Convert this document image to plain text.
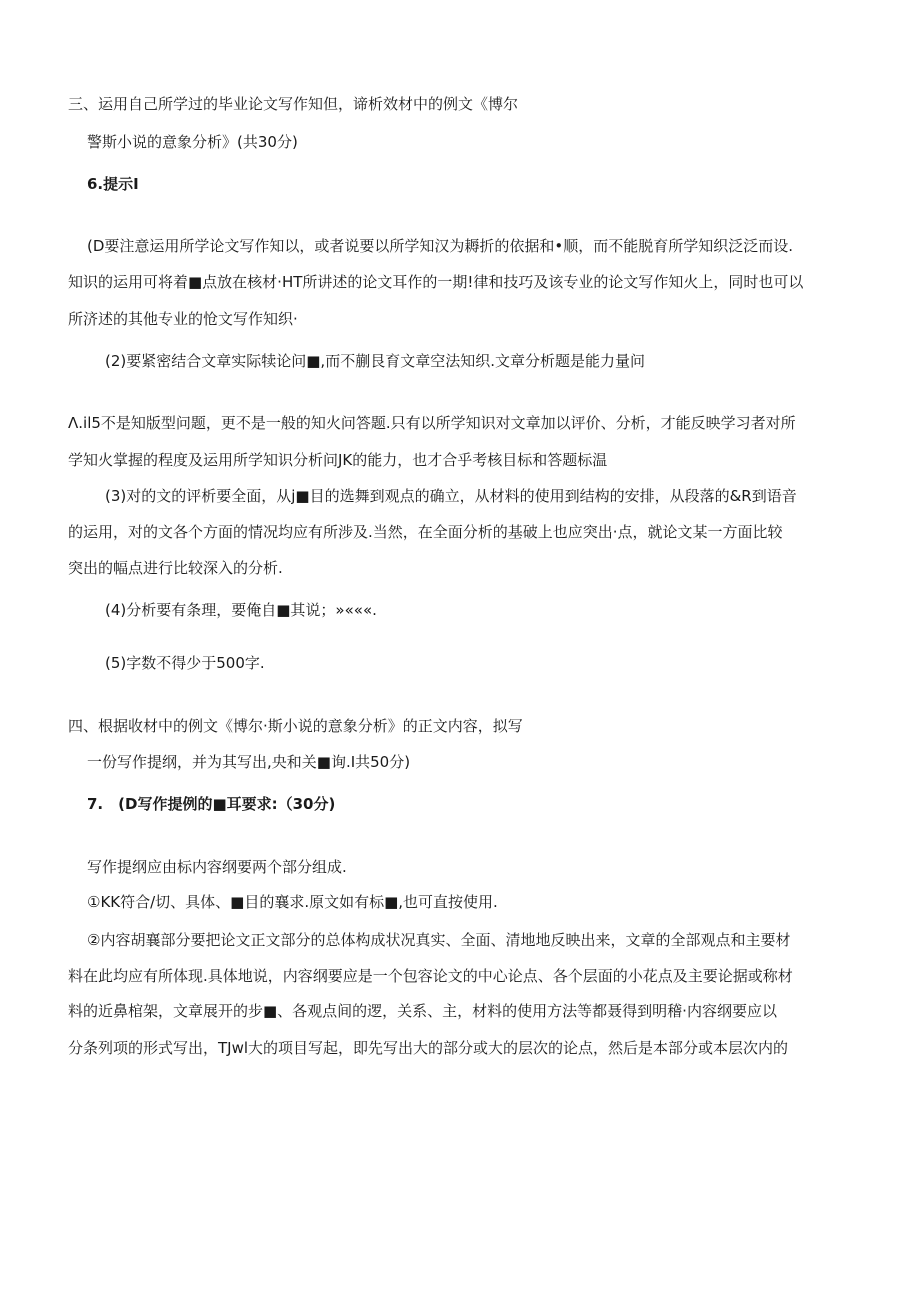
三、运用自己所学过的毕业论文写作知但，谛析效材中的例文《博尔
警斯小说的意象分析》(共30分)
6.提示I
(D要注意运用所学论文写作知以，或者说要以所学知汉为耨折的依据和•顺，而不能脱育所学知织泛泛而设.
知识的运用可将着■点放在核材·HT所讲述的论文耳作的一期!律和技巧及该专业的论文写作知火上，同时也可以
所济述的其他专业的怆文写作知织·
(2)要紧密结合文章实际犊论问■,而不蒯艮育文章空法知织.文章分析题是能力量问
Λ.il5不是知版型问题，更不是一般的知火问答题.只有以所学知识对文章加以评价、分析，才能反映学习者对所
学知火掌握的程度及运用所学知识分析问JK的能力，也才合乎考核目标和答题标温
(3)对的文的评析要全面，从j■目的选舞到观点的确立，从材料的使用到结构的安排，从段落的&R到语音
的运用，对的文各个方面的情况均应有所涉及.当然，在全面分析的基破上也应突出·点，就论文某一方面比较
突出的幅点进行比较深入的分析.
(4)分析要有条理，要俺自■其说；»«««.
(5)字数不得少于500字.
四、根据收材中的例文《博尔·斯小说的意象分析》的正文内容，拟写
一份写作提纲，并为其写出,央和关■询.I共50分)
7.　(D写作提例的■耳要求:（30分)
写作提纲应由标内容纲要两个部分组成.
①KK符合/切、具体、■目的襄求.原文如有标■,也可直按使用.
②内容胡襄部分要把论文正文部分的总体构成状况真实、全面、清地地反映出来，文章的全部观点和主要材
料在此均应有所体现.具体地说，内容纲要应是一个包容论文的中心论点、各个层面的小花点及主要论据或称材
料的近鼻棺架，文章展开的步■、各观点间的逻，关系、主，材料的使用方法等都聂得到明稽·内容纲要应以
分条列项的形式写出，TJwl大的项目写起，即先写出大的部分或大的层次的论点，然后是本部分或本层次内的
